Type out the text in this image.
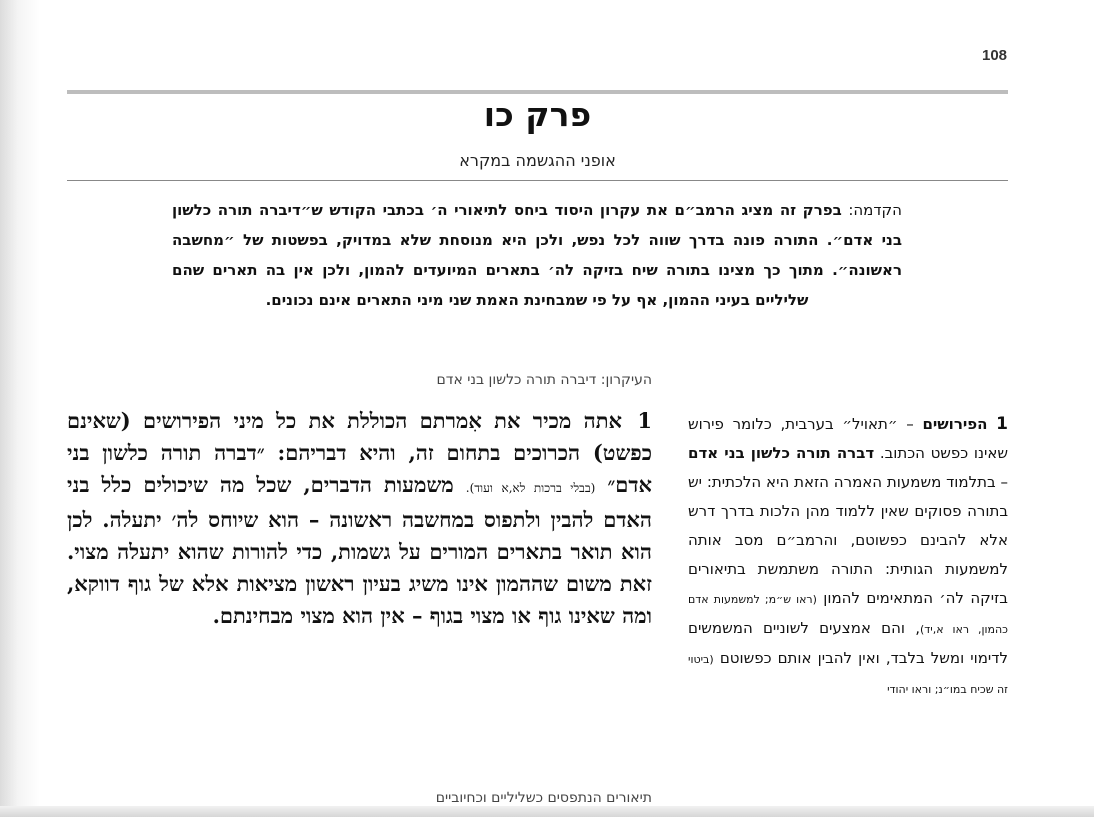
108
פרק כו
אופני ההגשמה במקרא
הקדמה: בפרק זה מציג הרמב״ם את עקרון היסוד ביחס לתיאורי ה׳ בכתבי הקודש ש״דיברה תורה כלשון בני אדם״. התורה פונה בדרך שווה לכל נפש, ולכן היא מנוסחת שלא במדויק, בפשטות של ״מחשבה ראשונה״. מתוך כך מצינו בתורה שיח בזיקה לה׳ בתארים המיועדים להמון, ולכן אין בה תארים שהם שליליים בעיני ההמון, אף על פי שמבחינת האמת שני מיני התארים אינם נכונים.
העיקרון: דיברה תורה כלשון בני אדם
1אתה מכיר את אִמרתם הכוללת את כל מיני הפירושים (שאינם כפשט) הכרוכים בתחום זה, והיא דבריהם: ״דברה תורה כלשון בני אדם״ (בבלי ברכות לא,א ועוד). משמעות הדברים, שכל מה שיכולים כלל בני האדם להבין ולתפוס במחשבה ראשונה – הוא שיוחס לה׳ יתעלה. לכן הוא תואר בתארים המורים על גשמות, כדי להורות שהוא יתעלה מצוי. זאת משום שההמון אינו משיג בעיון ראשון מציאות אלא של גוף דווקא, ומה שאינו גוף או מצוי בגוף – אין הוא מצוי מבחינתם.
תיאורים הנתפסים כשליליים וכחיוביים
1 הפירושים – ״תאויל״ בערבית, כלומר פירוש שאינו כפשט הכתוב. דברה תורה כלשון בני אדם – בתלמוד משמעות האמרה הזאת היא הלכתית: יש בתורה פסוקים שאין ללמוד מהן הלכות בדרך דרש אלא להבינם כפשוטם, והרמב״ם מסב אותה למשמעות הגותית: התורה משתמשת בתיאורים בזיקה לה׳ המתאימים להמון (ראו ש״מ; למשמעות אדם כהמון, ראו א,יד), והם אמצעים לשוניים המשמשים לדימוי ומשל בלבד, ואין להבין אותם כפשוטם (ביטוי זה שכיח במו״נ; וראו יהודי
